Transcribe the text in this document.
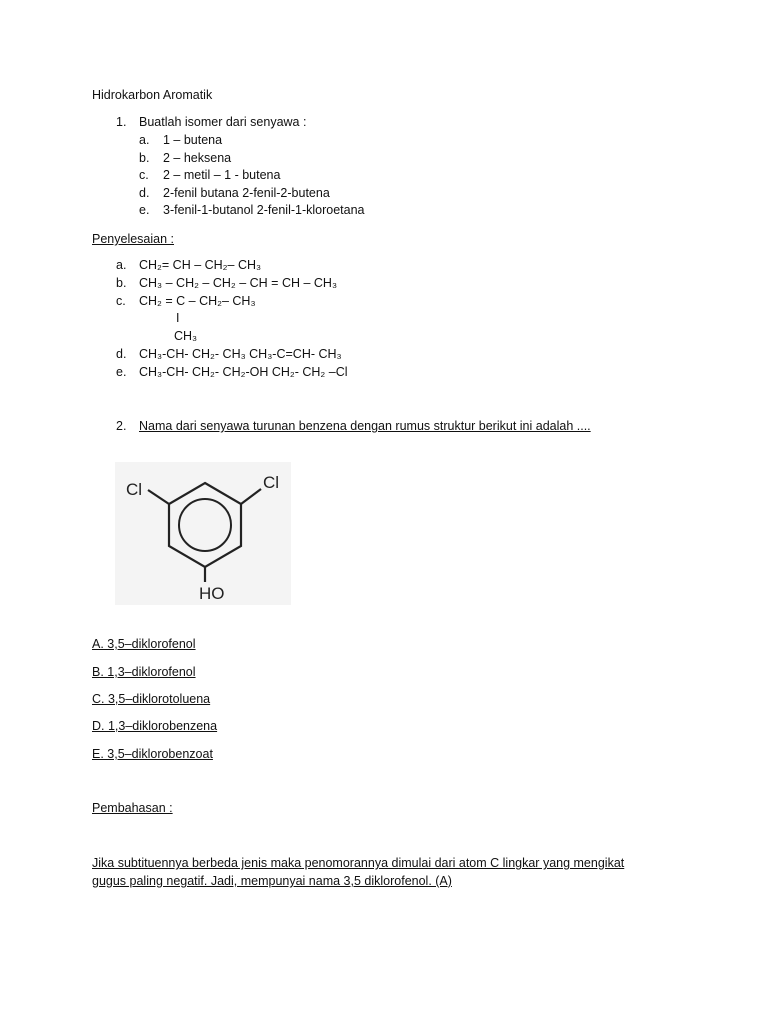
Hidrokarbon Aromatik
1. Buatlah isomer dari senyawa :
a. 1 – butena
b. 2 – heksena
c. 2 – metil – 1 - butena
d. 2-fenil butana 2-fenil-2-butena
e. 3-fenil-1-butanol 2-fenil-1-kloroetana
Penyelesaian :
a. CH₂= CH – CH₂– CH₃
b. CH₃ – CH₂ – CH₂ – CH = CH – CH₃
c. CH₂ = C – CH₂– CH₃
I
CH₃
d. CH₃-CH- CH₂- CH₃ CH₃-C=CH- CH₃
e. CH₃-CH- CH₂- CH₂-OH CH₂- CH₂ –Cl
2. Nama dari senyawa turunan benzena dengan rumus struktur berikut ini adalah ....
Cl	Cl
HO
A. 3,5–diklorofenol
B. 1,3–diklorofenol
C. 3,5–diklorotoluena
D. 1,3–diklorobenzena
E. 3,5–diklorobenzoat
Pembahasan :
Jika subtituennya berbeda jenis maka penomorannya dimulai dari atom C lingkar yang mengikat
gugus paling negatif. Jadi, mempunyai nama 3,5 diklorofenol. (A)
